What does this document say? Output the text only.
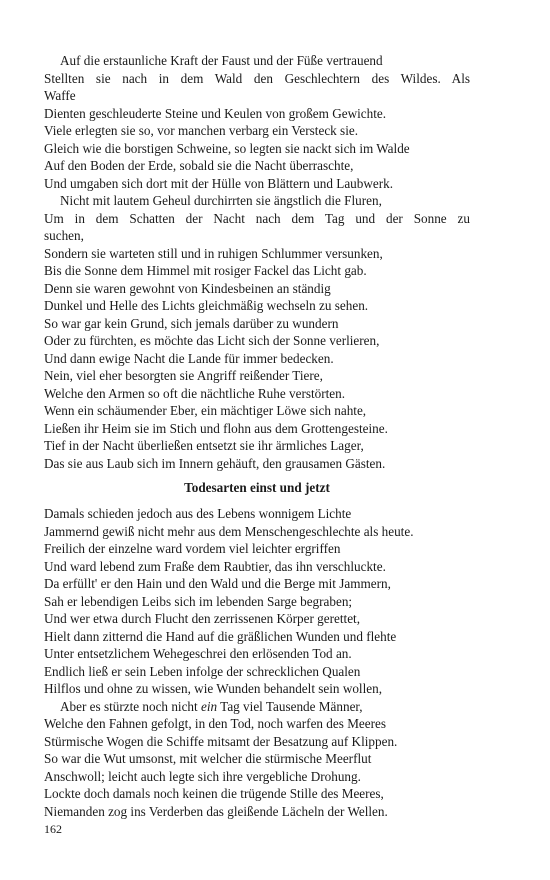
Auf die erstaunliche Kraft der Faust und der Füße vertrauend
Stellten sie nach in dem Wald den Geschlechtern des Wildes. Als
Waffe
Dienten geschleuderte Steine und Keulen von großem Gewichte.
Viele erlegten sie so, vor manchen verbarg ein Versteck sie.
Gleich wie die borstigen Schweine, so legten sie nackt sich im Walde
Auf den Boden der Erde, sobald sie die Nacht überraschte,
Und umgaben sich dort mit der Hülle von Blättern und Laubwerk.
Nicht mit lautem Geheul durchirrten sie ängstlich die Fluren,
Um in dem Schatten der Nacht nach dem Tag und der Sonne zu
suchen,
Sondern sie warteten still und in ruhigen Schlummer versunken,
Bis die Sonne dem Himmel mit rosiger Fackel das Licht gab.
Denn sie waren gewohnt von Kindesbeinen an ständig
Dunkel und Helle des Lichts gleichmäßig wechseln zu sehen.
So war gar kein Grund, sich jemals darüber zu wundern
Oder zu fürchten, es möchte das Licht sich der Sonne verlieren,
Und dann ewige Nacht die Lande für immer bedecken.
Nein, viel eher besorgten sie Angriff reißender Tiere,
Welche den Armen so oft die nächtliche Ruhe verstörten.
Wenn ein schäumender Eber, ein mächtiger Löwe sich nahte,
Ließen ihr Heim sie im Stich und flohn aus dem Grottengesteine.
Tief in der Nacht überließen entsetzt sie ihr ärmliches Lager,
Das sie aus Laub sich im Innern gehäuft, den grausamen Gästen.
Todesarten einst und jetzt
Damals schieden jedoch aus des Lebens wonnigem Lichte
Jammernd gewiß nicht mehr aus dem Menschengeschlechte als heute.
Freilich der einzelne ward vordem viel leichter ergriffen
Und ward lebend zum Fraße dem Raubtier, das ihn verschluckte.
Da erfüllt' er den Hain und den Wald und die Berge mit Jammern,
Sah er lebendigen Leibs sich im lebenden Sarge begraben;
Und wer etwa durch Flucht den zerrissenen Körper gerettet,
Hielt dann zitternd die Hand auf die gräßlichen Wunden und flehte
Unter entsetzlichem Wehegeschrei den erlösenden Tod an.
Endlich ließ er sein Leben infolge der schrecklichen Qualen
Hilflos und ohne zu wissen, wie Wunden behandelt sein wollen,
Aber es stürzte noch nicht ein Tag viel Tausende Männer,
Welche den Fahnen gefolgt, in den Tod, noch warfen des Meeres
Stürmische Wogen die Schiffe mitsamt der Besatzung auf Klippen.
So war die Wut umsonst, mit welcher die stürmische Meerflut
Anschwoll; leicht auch legte sich ihre vergebliche Drohung.
Lockte doch damals noch keinen die trügende Stille des Meeres,
Niemanden zog ins Verderben das gleißende Lächeln der Wellen.
162
